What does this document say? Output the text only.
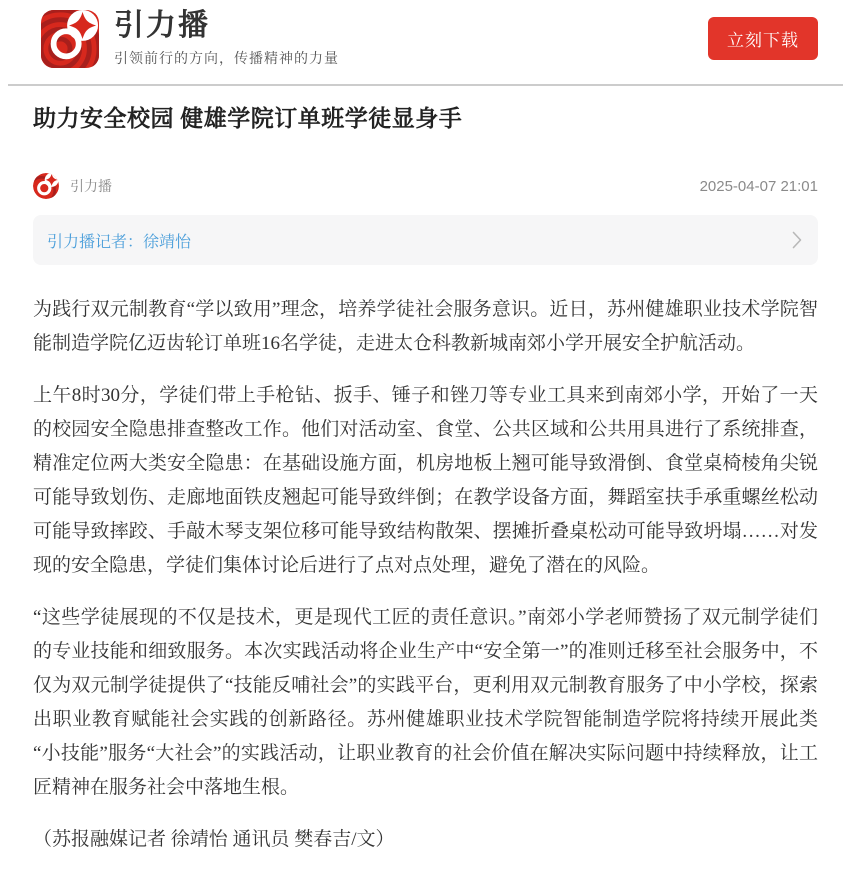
引力播
引领前行的方向，传播精神的力量
立刻下载
助力安全校园 健雄学院订单班学徒显身手
引力播	2025-04-07 21:01
引力播记者：徐靖怡

为践行双元制教育“学以致用”理念，培养学徒社会服务意识。近日，苏州健雄职业技术学院智能制造学院亿迈齿轮订单班16名学徒，走进太仓科教新城南郊小学开展安全护航活动。

上午8时30分，学徒们带上手枪钻、扳手、锤子和锉刀等专业工具来到南郊小学，开始了一天的校园安全隐患排查整改工作。他们对活动室、食堂、公共区域和公共用具进行了系统排查，精准定位两大类安全隐患：在基础设施方面，机房地板上翘可能导致滑倒、食堂桌椅棱角尖锐可能导致划伤、走廊地面铁皮翘起可能导致绊倒；在教学设备方面，舞蹈室扶手承重螺丝松动可能导致摔跤、手敲木琴支架位移可能导致结构散架、摆摊折叠桌松动可能导致坍塌……对发现的安全隐患，学徒们集体讨论后进行了点对点处理，避免了潜在的风险。

“这些学徒展现的不仅是技术，更是现代工匠的责任意识。”南郊小学老师赞扬了双元制学徒们的专业技能和细致服务。本次实践活动将企业生产中“安全第一”的准则迁移至社会服务中，不仅为双元制学徒提供了“技能反哺社会”的实践平台，更利用双元制教育服务了中小学校，探索出职业教育赋能社会实践的创新路径。苏州健雄职业技术学院智能制造学院将持续开展此类“小技能”服务“大社会”的实践活动，让职业教育的社会价值在解决实际问题中持续释放，让工匠精神在服务社会中落地生根。

（苏报融媒记者 徐靖怡 通讯员 樊春吉/文）
